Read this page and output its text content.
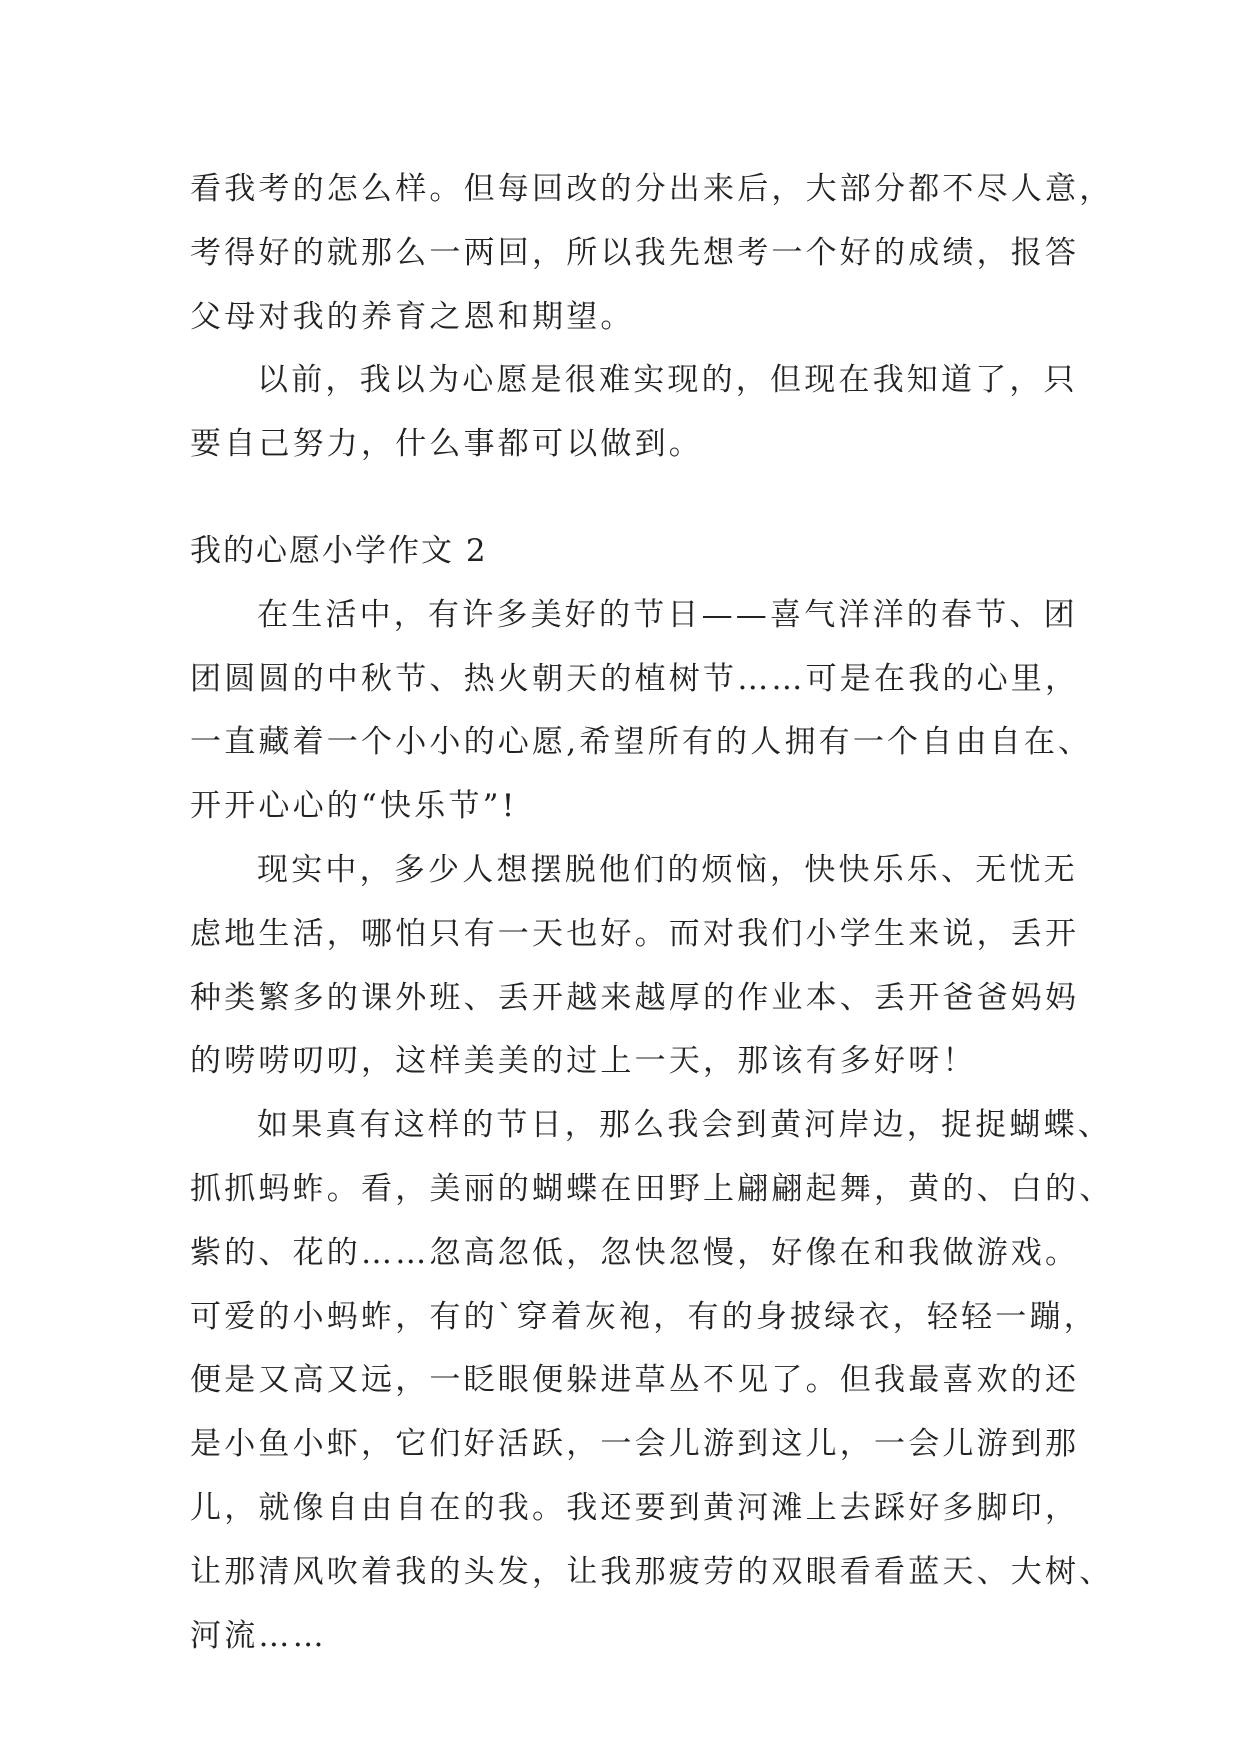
看我考的怎么样。但每回改的分出来后，大部分都不尽人意，
考得好的就那么一两回，所以我先想考一个好的成绩，报答
父母对我的养育之恩和期望。
以前，我以为心愿是很难实现的，但现在我知道了，只
要自己努力，什么事都可以做到。
我的心愿小学作文 2
在生活中，有许多美好的节日——喜气洋洋的春节、团
团圆圆的中秋节、热火朝天的植树节……可是在我的心里，
一直藏着一个小小的心愿,希望所有的人拥有一个自由自在、
开开心心的“快乐节”!
现实中，多少人想摆脱他们的烦恼，快快乐乐、无忧无
虑地生活，哪怕只有一天也好。而对我们小学生来说，丢开
种类繁多的课外班、丢开越来越厚的作业本、丢开爸爸妈妈
的唠唠叨叨，这样美美的过上一天，那该有多好呀！
如果真有这样的节日，那么我会到黄河岸边，捉捉蝴蝶、
抓抓蚂蚱。看，美丽的蝴蝶在田野上翩翩起舞，黄的、白的、
紫的、花的……忽高忽低，忽快忽慢，好像在和我做游戏。
可爱的小蚂蚱，有的`穿着灰袍，有的身披绿衣，轻轻一蹦，
便是又高又远，一眨眼便躲进草丛不见了。但我最喜欢的还
是小鱼小虾，它们好活跃，一会儿游到这儿，一会儿游到那
儿，就像自由自在的我。我还要到黄河滩上去踩好多脚印，
让那清风吹着我的头发，让我那疲劳的双眼看看蓝天、大树、
河流……
